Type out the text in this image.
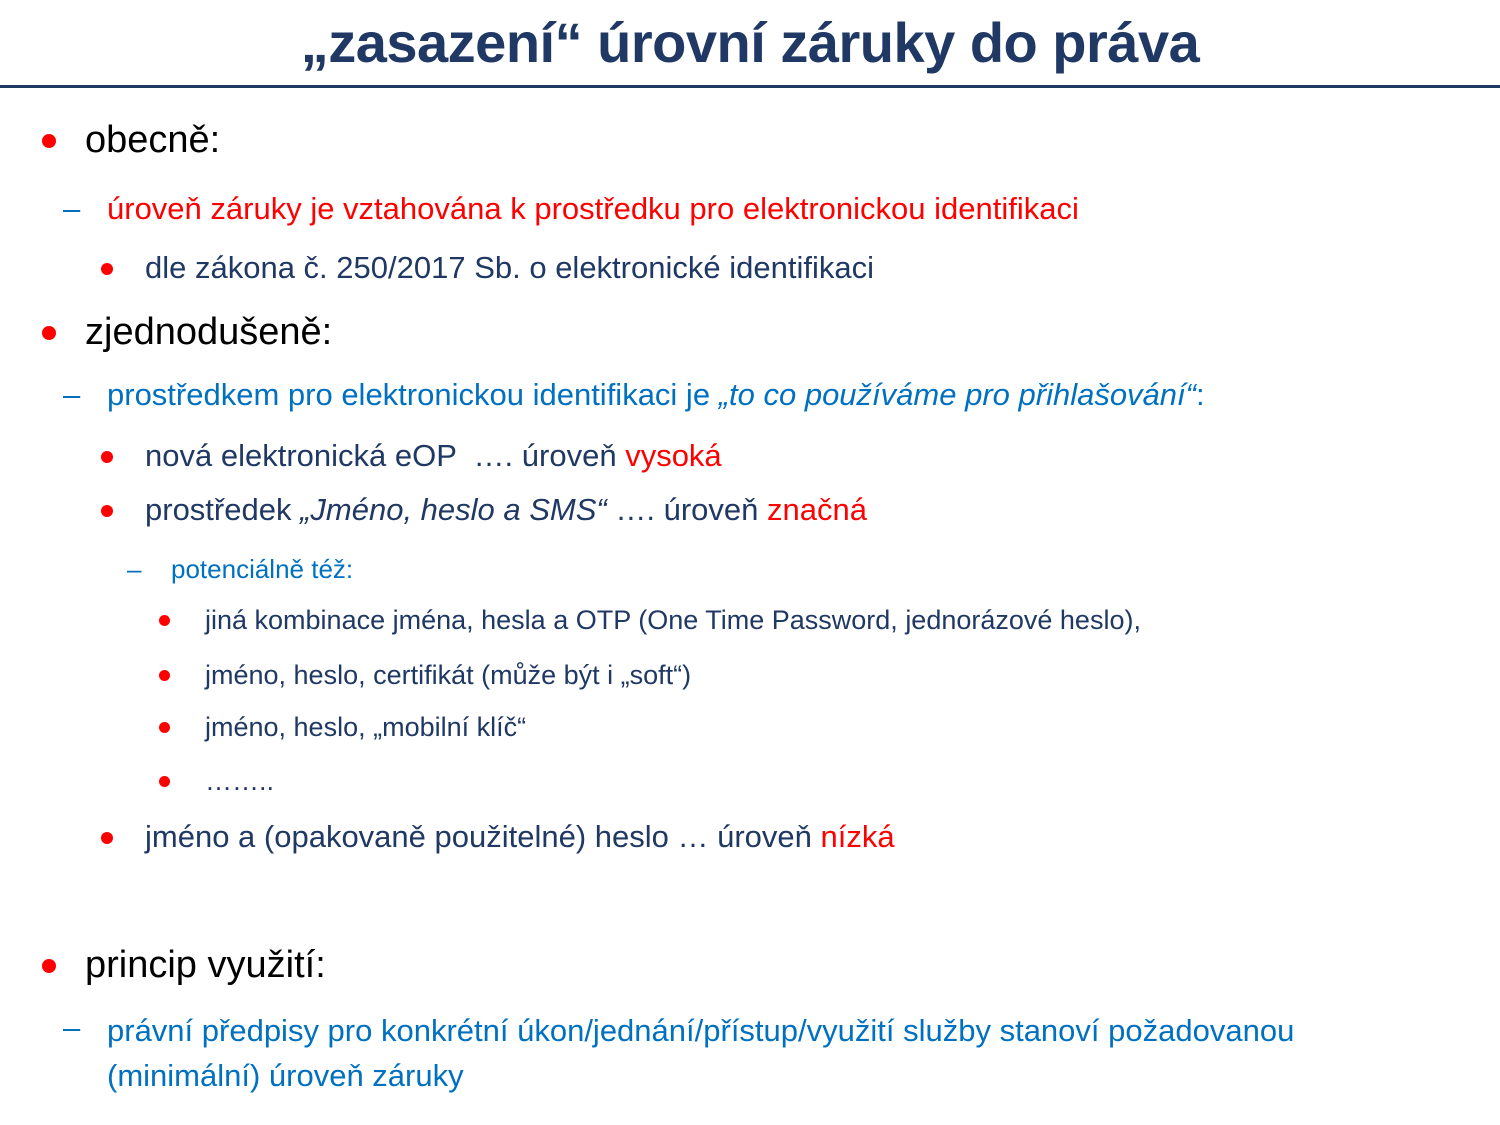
„zasazení“ úrovní záruky do práva
obecně:
– úroveň záruky je vztahována k prostředku pro elektronickou identifikaci
dle zákona č. 250/2017 Sb. o elektronické identifikaci
zjednodušeně:
– prostředkem pro elektronickou identifikaci je „to co používáme pro přihlašování“:
nová elektronická eOP  …. úroveň vysoká
prostředek „Jméno, heslo a SMS“ …. úroveň značná
–	potenciálně též:
jiná kombinace jména, hesla a OTP (One Time Password, jednorázové heslo),
jméno, heslo, certifikát (může být i „soft“)
jméno, heslo, „mobilní klíč“
……..
jméno a (opakovaně použitelné) heslo … úroveň nízká
princip využití:
– právní předpisy pro konkrétní úkon/jednání/přístup/využití služby stanoví požadovanou (minimální) úroveň záruky
